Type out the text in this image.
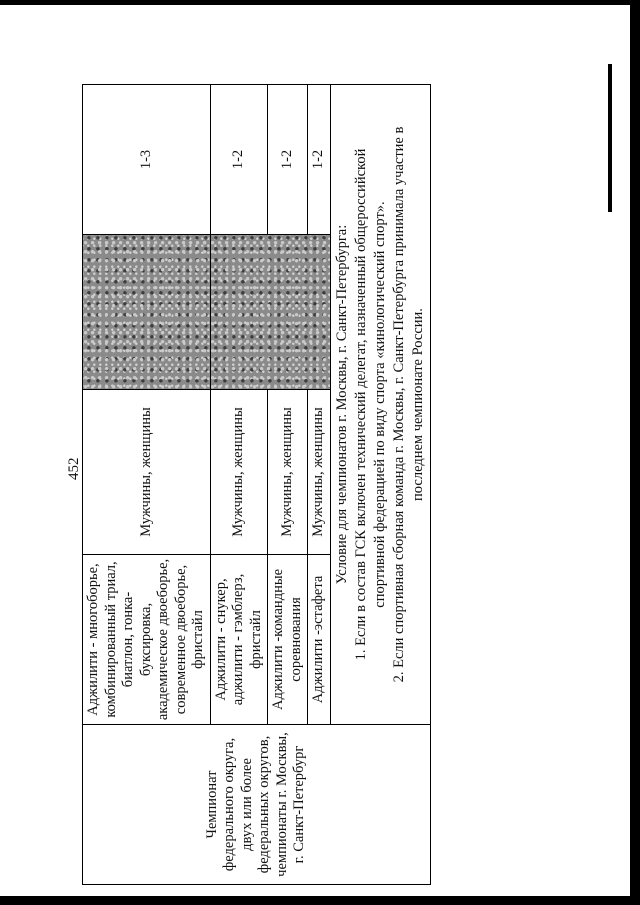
452
Чемпионат федерального округа, двух или более федеральных округов, чемпионаты г. Москвы, г. Санкт-Петербург	Аджилити - многоборье, комбинированный триал, биатлон, гонка-буксировка, академическое двоеборье, современное двоеборье, фристайл	Мужчины, женщины		1-3
	Аджилити - снукер, аджилити - гэмблерз, фристайл	Мужчины, женщины		1-2
	Аджилити -командные соревнования	Мужчины, женщины		1-2
	Аджилити -эстафета	Мужчины, женщины		1-2

	Условие для чемпионатов г. Москвы, г. Санкт-Петербурга: 1. Если в состав ГСК включен технический делегат, назначенный общероссийской спортивной федерацией по виду спорта «кинологический спорт». 2. Если спортивная сборная команда г. Москвы, г. Санкт-Петербурга принимала участие в последнем чемпионате России.			
